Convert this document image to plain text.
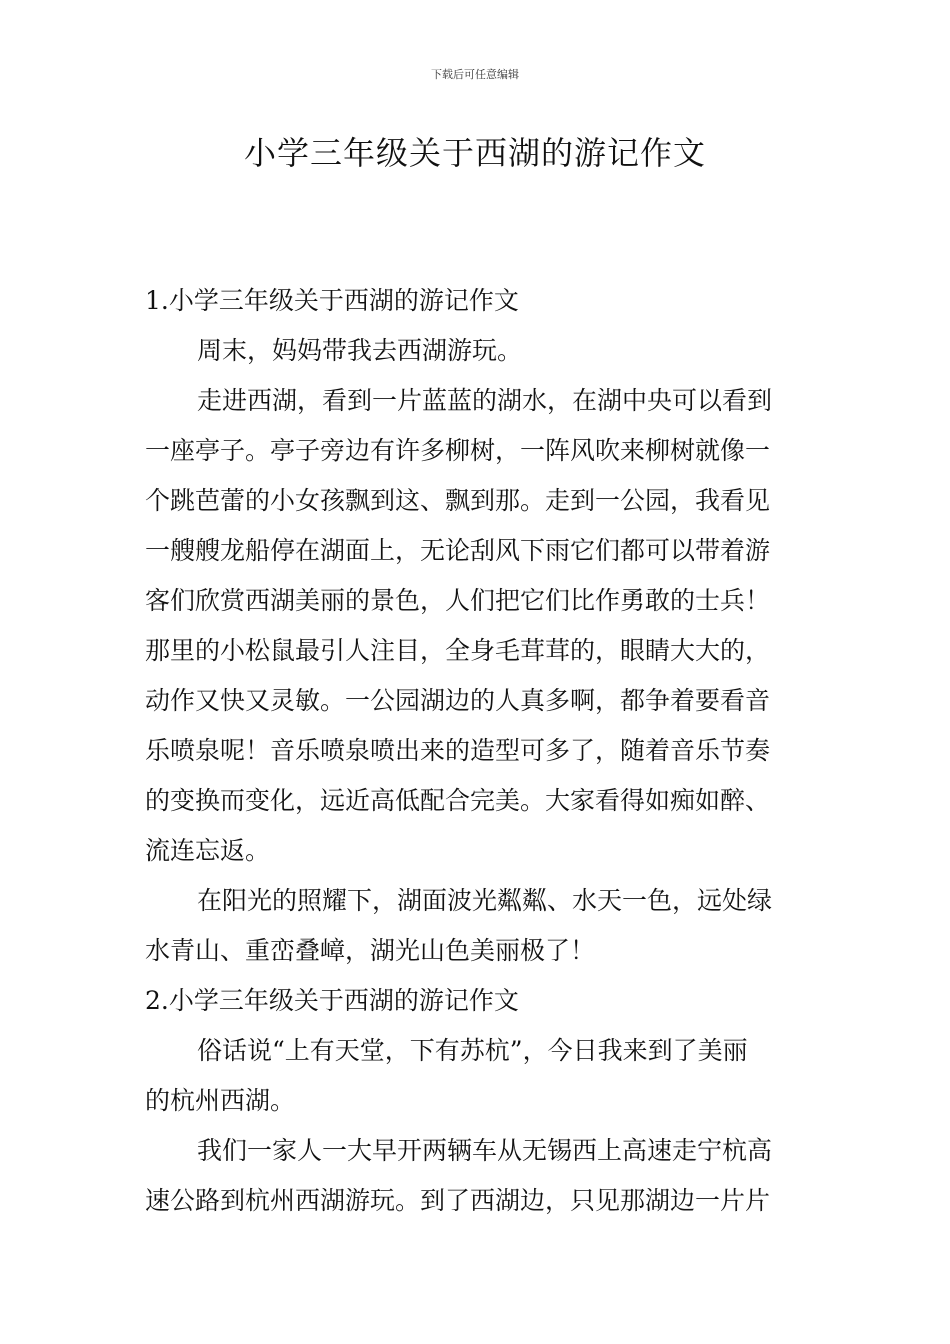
下载后可任意编辑
小学三年级关于西湖的游记作文
1.小学三年级关于西湖的游记作文
周末，妈妈带我去西湖游玩。
走进西湖，看到一片蓝蓝的湖水，在湖中央可以看到
一座亭子。亭子旁边有许多柳树，一阵风吹来柳树就像一
个跳芭蕾的小女孩飘到这、飘到那。走到一公园，我看见
一艘艘龙船停在湖面上，无论刮风下雨它们都可以带着游
客们欣赏西湖美丽的景色，人们把它们比作勇敢的士兵！
那里的小松鼠最引人注目，全身毛茸茸的，眼睛大大的，
动作又快又灵敏。一公园湖边的人真多啊，都争着要看音
乐喷泉呢！音乐喷泉喷出来的造型可多了，随着音乐节奏
的变换而变化，远近高低配合完美。大家看得如痴如醉、
流连忘返。
在阳光的照耀下，湖面波光粼粼、水天一色，远处绿
水青山、重峦叠嶂，湖光山色美丽极了！
2.小学三年级关于西湖的游记作文
俗话说“上有天堂，下有苏杭”，今日我来到了美丽
的杭州西湖。
我们一家人一大早开两辆车从无锡西上高速走宁杭高
速公路到杭州西湖游玩。到了西湖边，只见那湖边一片片
